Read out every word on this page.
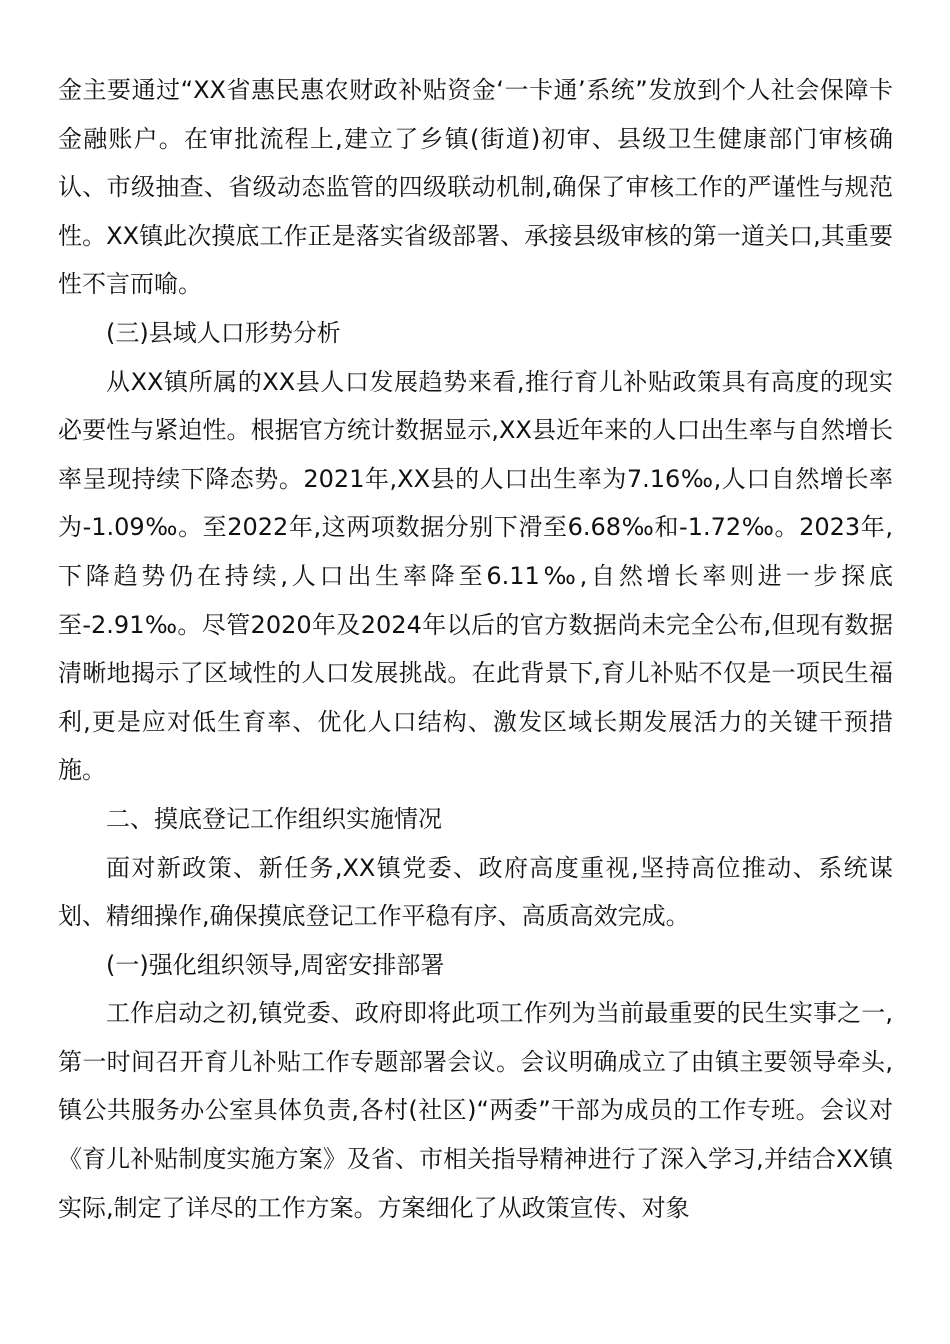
金主要通过“XX省惠民惠农财政补贴资金‘一卡通’系统”发放到个人社会保障卡金融账户。在审批流程上,建立了乡镇(街道)初审、县级卫生健康部门审核确认、市级抽查、省级动态监管的四级联动机制,确保了审核工作的严谨性与规范性。XX镇此次摸底工作正是落实省级部署、承接县级审核的第一道关口,其重要性不言而喻。

(三)县域人口形势分析

从XX镇所属的XX县人口发展趋势来看,推行育儿补贴政策具有高度的现实必要性与紧迫性。根据官方统计数据显示,XX县近年来的人口出生率与自然增长率呈现持续下降态势。2021年,XX县的人口出生率为7.16‰,人口自然增长率为-1.09‰。至2022年,这两项数据分别下滑至6.68‰和-1.72‰。2023年,下降趋势仍在持续,人口出生率降至6.11‰,自然增长率则进一步探底至-2.91‰。尽管2020年及2024年以后的官方数据尚未完全公布,但现有数据清晰地揭示了区域性的人口发展挑战。在此背景下,育儿补贴不仅是一项民生福利,更是应对低生育率、优化人口结构、激发区域长期发展活力的关键干预措施。

二、摸底登记工作组织实施情况

面对新政策、新任务,XX镇党委、政府高度重视,坚持高位推动、系统谋划、精细操作,确保摸底登记工作平稳有序、高质高效完成。

(一)强化组织领导,周密安排部署

工作启动之初,镇党委、政府即将此项工作列为当前最重要的民生实事之一,第一时间召开育儿补贴工作专题部署会议。会议明确成立了由镇主要领导牵头,镇公共服务办公室具体负责,各村(社区)“两委”干部为成员的工作专班。会议对《育儿补贴制度实施方案》及省、市相关指导精神进行了深入学习,并结合XX镇实际,制定了详尽的工作方案。方案细化了从政策宣传、对象
